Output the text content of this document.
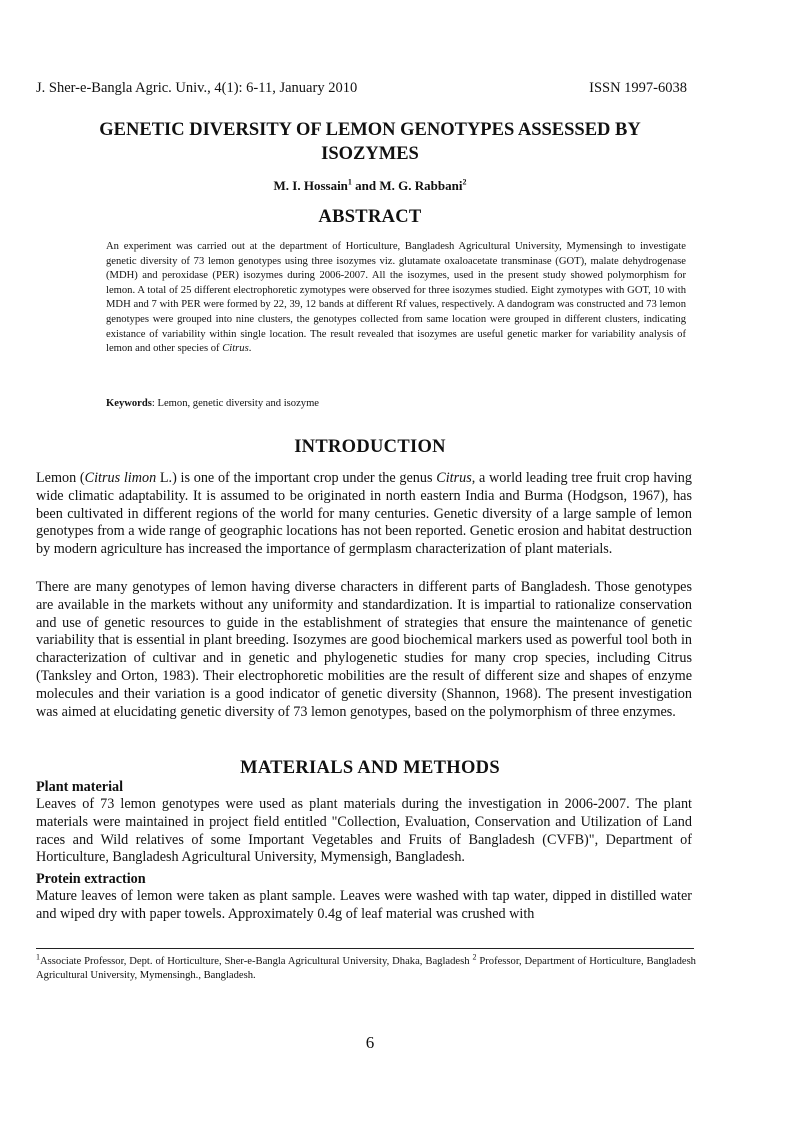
J. Sher-e-Bangla Agric. Univ., 4(1): 6-11, January 2010	ISSN 1997-6038
GENETIC DIVERSITY OF LEMON GENOTYPES ASSESSED BY ISOZYMES
M. I. Hossain$^1$ and M. G. Rabbani$^2$
ABSTRACT

An experiment was carried out at the department of Horticulture, Bangladesh Agricultural University, Mymensingh to investigate genetic diversity of 73 lemon genotypes using three isozymes viz. glutamate oxaloacetate transminase (GOT), malate dehydrogenase (MDH) and peroxidase (PER) isozymes during 2006-2007. All the isozymes, used in the present study showed polymorphism for lemon. A total of 25 different electrophoretic zymotypes were observed for three isozymes studied. Eight zymotypes with GOT, 10 with MDH and 7 with PER were formed by 22, 39, 12 bands at different Rf values, respectively. A dandogram was constructed and 73 lemon genotypes were grouped into nine clusters, the genotypes collected from same location were grouped in different clusters, indicating existance of variability within single location. The result revealed that isozymes are useful genetic marker for variability analysis of lemon and other species of Citrus.

Keywords: Lemon, genetic diversity and isozyme

INTRODUCTION

Lemon (Citrus limon L.) is one of the important crop under the genus Citrus, a world leading tree fruit crop having wide climatic adaptability. It is assumed to be originated in north eastern India and Burma (Hodgson, 1967), has been cultivated in different regions of the world for many centuries. Genetic diversity of a large sample of lemon genotypes from a wide range of geographic locations has not been reported. Genetic erosion and habitat destruction by modern agriculture has increased the importance of germplasm characterization of plant materials.

There are many genotypes of lemon having diverse characters in different parts of Bangladesh. Those genotypes are available in the markets without any uniformity and standardization. It is impartial to rationalize conservation and use of genetic resources to guide in the establishment of strategies that ensure the maintenance of genetic variability that is essential in plant breeding. Isozymes are good biochemical markers used as powerful tool both in characterization of cultivar and in genetic and phylogenetic studies for many crop species, including Citrus (Tanksley and Orton, 1983). Their electrophoretic mobilities are the result of different size and shapes of enzyme molecules and their variation is a good indicator of genetic diversity (Shannon, 1968). The present investigation was aimed at elucidating genetic diversity of 73 lemon genotypes, based on the polymorphism of three enzymes.

MATERIALS AND METHODS
Plant material

Leaves of 73 lemon genotypes were used as plant materials during the investigation in 2006-2007. The plant materials were maintained in project field entitled "Collection, Evaluation, Conservation and Utilization of Land races and Wild relatives of some Important Vegetables and Fruits of Bangladesh (CVFB)", Department of Horticulture, Bangladesh Agricultural University, Mymensigh, Bangladesh.

Protein extraction

Mature leaves of lemon were taken as plant sample. Leaves were washed with tap water, dipped in distilled water and wiped dry with paper towels. Approximately 0.4g of leaf material was crushed with

$^1$Associate Professor, Dept. of Horticulture, Sher-e-Bangla Agricultural University, Dhaka, Bagladesh $^2$ Professor, Department of Horticulture, Bangladesh Agricultural University, Mymensingh., Bangladesh.

6
